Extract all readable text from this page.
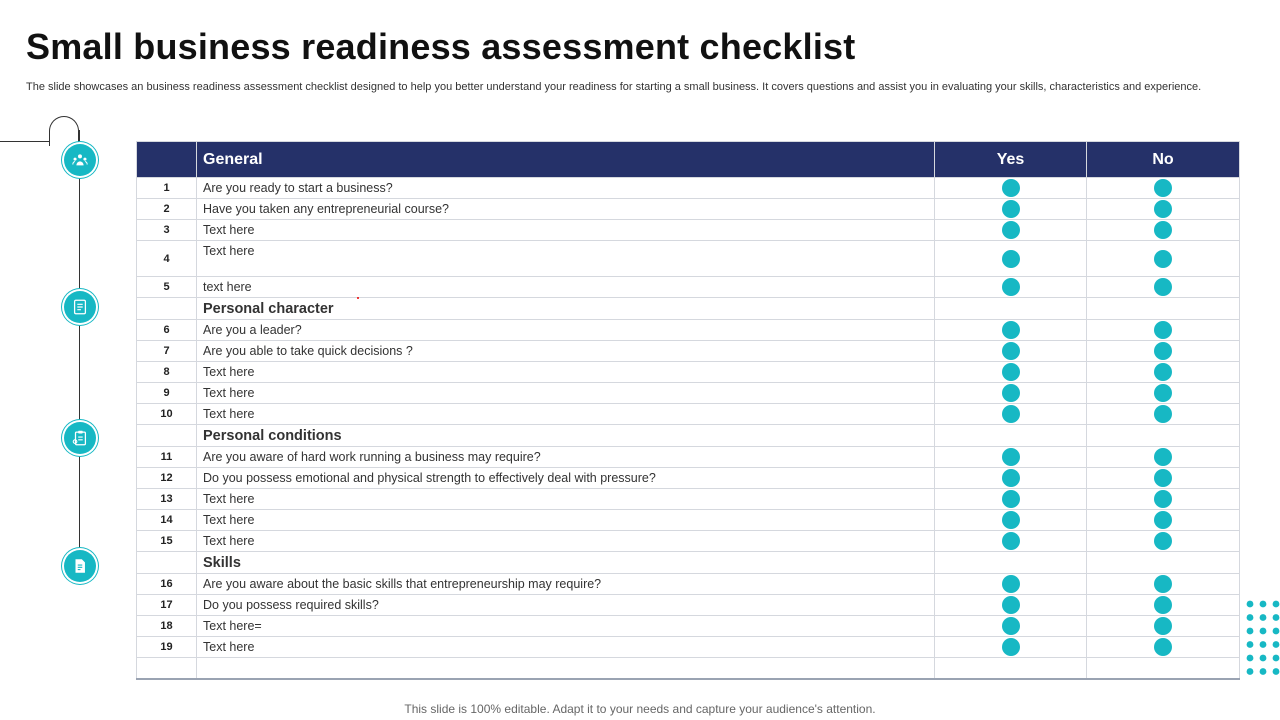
Small business readiness assessment checklist

The slide showcases an business readiness assessment checklist designed to help you better understand your readiness for starting a small business. It covers questions and assist you in evaluating your skills, characteristics and experience.

	General	Yes	No
1	Are you ready to start a business?		
2	Have you taken any entrepreneurial course?		
3	Text here		
4	Text here		
5	text here		
	Personal character		
6	Are you a leader?		
7	Are you able to take quick decisions ?		
8	Text here		
9	Text here		
10	Text here		
	Personal conditions		
11	Are you aware of hard work running a business may require?		
12	Do you possess emotional and physical strength to effectively deal with pressure?		
13	Text here		
14	Text here		
15	Text here		
	Skills		
16	Are you aware about the basic skills that entrepreneurship may require?		
17	Do you possess required skills?		
18	Text here=		
19	Text here		

This slide is 100% editable. Adapt it to your needs and capture your audience's attention.
